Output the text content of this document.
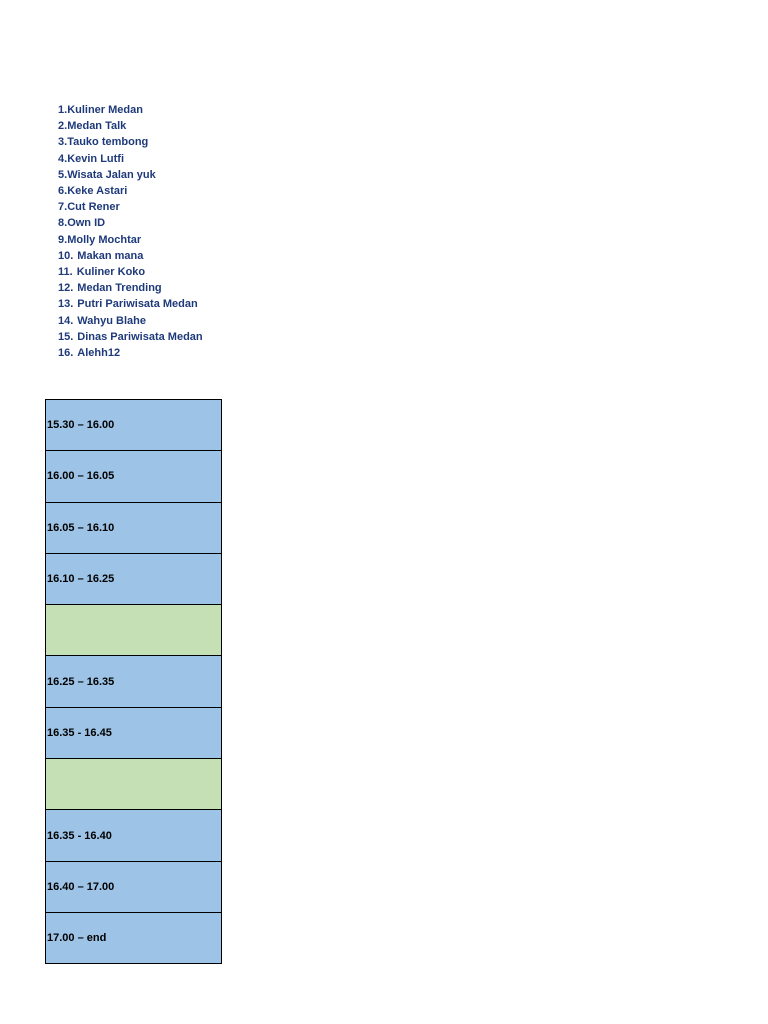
1.Kuliner Medan
2.Medan Talk
3.Tauko tembong
4.Kevin Lutfi
5.Wisata Jalan yuk
6.Keke Astari
7.Cut Rener
8.Own ID
9.Molly Mochtar
10. Makan mana
11. Kuliner Koko
12. Medan Trending
13. Putri Pariwisata Medan
14. Wahyu Blahe
15. Dinas Pariwisata Medan
16. Alehh12
15.30 – 16.00
16.00 – 16.05
16.05 – 16.10
16.10 – 16.25

16.25 – 16.35
16.35 - 16.45

16.35 - 16.40
16.40 – 17.00
17.00 – end
